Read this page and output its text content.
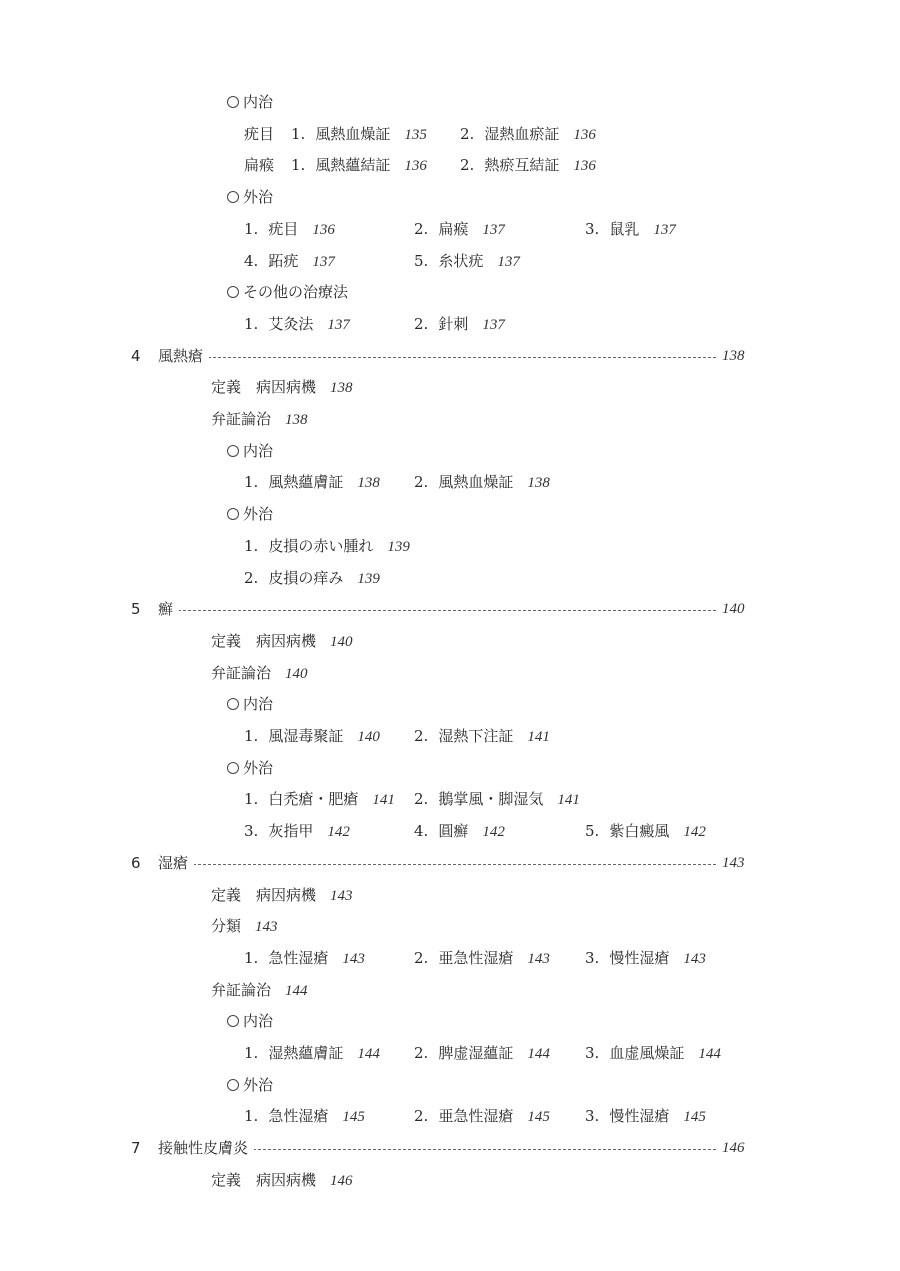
内治
疣目 1. 風熱血燥証 135 2. 湿熱血瘀証 136
扁瘊 1. 風熱蘊結証 136 2. 熱瘀互結証 136
外治
1. 疣目 136	2. 扁瘊 137	3. 鼠乳 137
4. 跖疣 137	5. 糸状疣 137
その他の治療法
1. 艾灸法 137	2. 針刺 137
4 風熱瘡	138
定義　病因病機 138
弁証論治 138
内治
1. 風熱蘊膚証 138 2. 風熱血燥証 138
外治
1. 皮損の赤い腫れ 139
2. 皮損の痒み 139
5 癬	140
定義　病因病機 140
弁証論治 140
内治
1. 風湿毒聚証 140 2. 湿熱下注証 141
外治
1. 白禿瘡・肥瘡 141 2. 鵝掌風・脚湿気 141
3. 灰指甲 142	4. 圓癬 142	5. 紫白癜風 142
6 湿瘡	143
定義　病因病機 143
分類 143
1. 急性湿瘡 143	2. 亜急性湿瘡 143 3. 慢性湿瘡 143
弁証論治 144
内治
1. 湿熱蘊膚証 144 2. 脾虚湿蘊証 144 3. 血虚風燥証 144
外治
1. 急性湿瘡 145	2. 亜急性湿瘡 145 3. 慢性湿瘡 145
7 接触性皮膚炎	146
定義　病因病機 146
